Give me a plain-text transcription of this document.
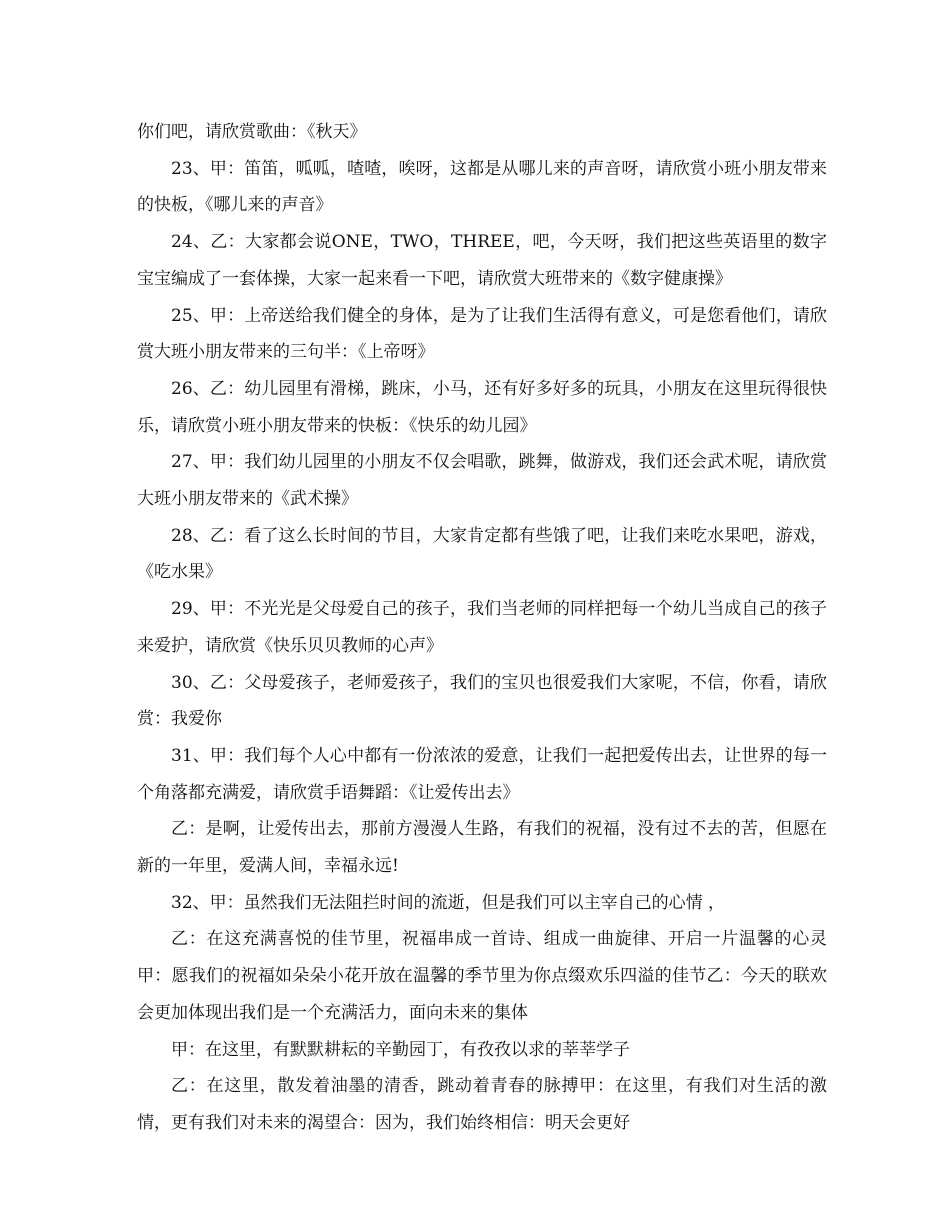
你们吧，请欣赏歌曲：《秋天》

23、甲：笛笛，呱呱，喳喳，唉呀，这都是从哪儿来的声音呀，请欣赏小班小朋友带来的快板，《哪儿来的声音》

24、乙：大家都会说ONE，TWO，THREE，吧，今天呀，我们把这些英语里的数字宝宝编成了一套体操，大家一起来看一下吧，请欣赏大班带来的《数字健康操》

25、甲：上帝送给我们健全的身体，是为了让我们生活得有意义，可是您看他们，请欣赏大班小朋友带来的三句半：《上帝呀》

26、乙：幼儿园里有滑梯，跳床，小马，还有好多好多的玩具，小朋友在这里玩得很快乐，请欣赏小班小朋友带来的快板：《快乐的幼儿园》

27、甲：我们幼儿园里的小朋友不仅会唱歌，跳舞，做游戏，我们还会武术呢，请欣赏大班小朋友带来的《武术操》

28、乙：看了这么长时间的节目，大家肯定都有些饿了吧，让我们来吃水果吧，游戏，《吃水果》

29、甲：不光光是父母爱自己的孩子，我们当老师的同样把每一个幼儿当成自己的孩子来爱护，请欣赏《快乐贝贝教师的心声》

30、乙：父母爱孩子，老师爱孩子，我们的宝贝也很爱我们大家呢，不信，你看，请欣赏：我爱你

31、甲：我们每个人心中都有一份浓浓的爱意，让我们一起把爱传出去，让世界的每一个角落都充满爱，请欣赏手语舞蹈：《让爱传出去》

乙：是啊，让爱传出去，那前方漫漫人生路，有我们的祝福，没有过不去的苦，但愿在新的一年里，爱满人间，幸福永远!

32、甲：虽然我们无法阻拦时间的流逝，但是我们可以主宰自己的心情 ，

乙：在这充满喜悦的佳节里，祝福串成一首诗、组成一曲旋律、开启一片温馨的心灵甲：愿我们的祝福如朵朵小花开放在温馨的季节里为你点缀欢乐四溢的佳节乙：今天的联欢会更加体现出我们是一个充满活力，面向未来的集体

甲：在这里，有默默耕耘的辛勤园丁，有孜孜以求的莘莘学子

乙：在这里，散发着油墨的清香，跳动着青春的脉搏甲：在这里，有我们对生活的激情，更有我们对未来的渴望合：因为，我们始终相信：明天会更好
